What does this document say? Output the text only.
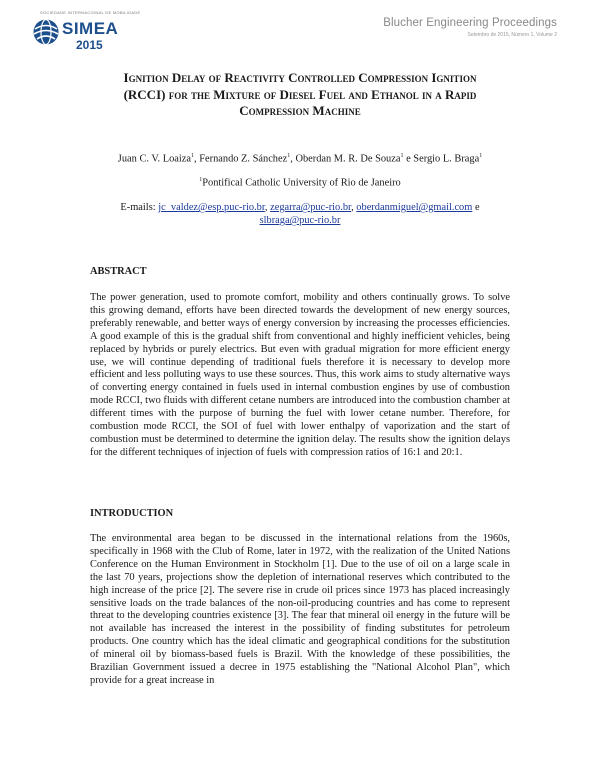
SOCIEDADE INTERNACIONAL DE MOBILIDADE
SIMEA
2015
Blucher Engineering Proceedings
Setembro de 2015, Número 1, Volume 2
Ignition Delay of Reactivity Controlled Compression Ignition
(RCCI) for the Mixture of Diesel Fuel and Ethanol in a Rapid
Compression Machine
Juan C. V. Loaiza$^1$, Fernando Z. Sánchez$^1$, Oberdan M. R. De Souza$^1$ e Sergio L. Braga$^1$
$^1$Pontifical Catholic University of Rio de Janeiro
E-mails: jc_valdez@esp.puc-rio.br, zegarra@puc-rio.br, oberdanmiguel@gmail.com e
slbraga@puc-rio.br
ABSTRACT

The power generation, used to promote comfort, mobility and others continually grows. To solve this growing demand, efforts have been directed towards the development of new energy sources, preferably renewable, and better ways of energy conversion by increasing the processes efficiencies. A good example of this is the gradual shift from conventional and highly inefficient vehicles, being replaced by hybrids or purely electrics. But even with gradual migration for more efficient energy use, we will continue depending of traditional fuels therefore it is necessary to develop more efficient and less polluting ways to use these sources. Thus, this work aims to study alternative ways of converting energy contained in fuels used in internal combustion engines by use of combustion mode RCCI, two fluids with different cetane numbers are introduced into the combustion chamber at different times with the purpose of burning the fuel with lower cetane number. Therefore, for combustion mode RCCI, the SOI of fuel with lower enthalpy of vaporization and the start of combustion must be determined to determine the ignition delay. The results show the ignition delays for the different techniques of injection of fuels with compression ratios of 16:1 and 20:1.

INTRODUCTION

The environmental area began to be discussed in the international relations from the 1960s, specifically in 1968 with the Club of Rome, later in 1972, with the realization of the United Nations Conference on the Human Environment in Stockholm [1]. Due to the use of oil on a large scale in the last 70 years, projections show the depletion of international reserves which contributed to the high increase of the price [2]. The severe rise in crude oil prices since 1973 has placed increasingly sensitive loads on the trade balances of the non-oil-producing countries and has come to represent threat to the developing countries existence [3]. The fear that mineral oil energy in the future will be not available has increased the interest in the possibility of finding substitutes for petroleum products. One country which has the ideal climatic and geographical conditions for the substitution of mineral oil by biomass-based fuels is Brazil. With the knowledge of these possibilities, the Brazilian Government issued a decree in 1975 establishing the "National Alcohol Plan", which provide for a great increase in
